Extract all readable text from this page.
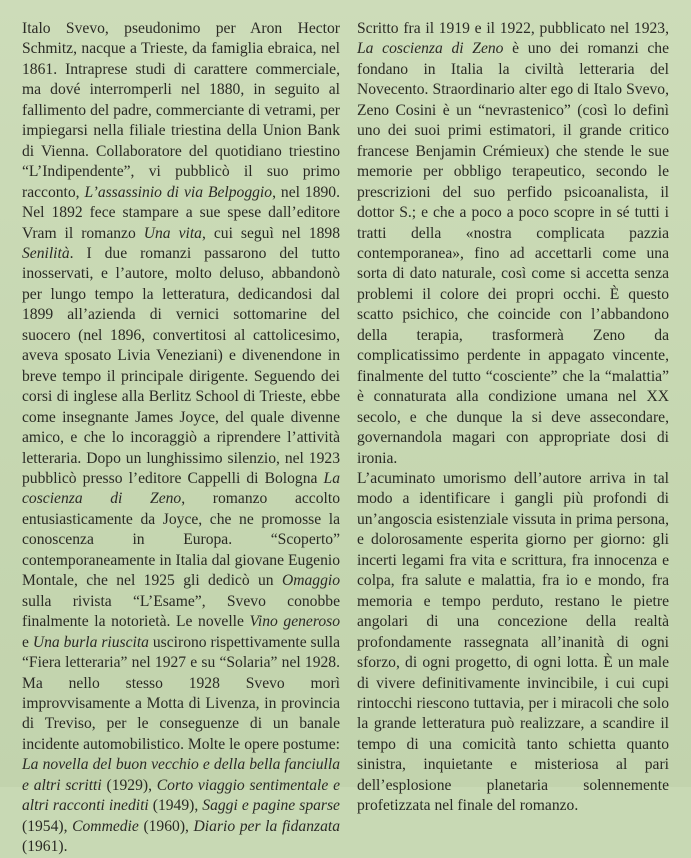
Italo Svevo, pseudonimo per Aron Hector Schmitz, nacque a Trieste, da famiglia ebraica, nel 1861. Intraprese studi di carattere commerciale, ma dové interromperli nel 1880, in seguito al fallimento del padre, commerciante di vetrami, per impiegarsi nella filiale triestina della Union Bank di Vienna. Collaboratore del quotidiano triestino “L’Indipendente”, vi pubblicò il suo primo racconto, L’assassinio di via Belpoggio, nel 1890. Nel 1892 fece stampare a sue spese dall’editore Vram il romanzo Una vita, cui seguì nel 1898 Senilità. I due romanzi passarono del tutto inosservati, e l’autore, molto deluso, abbandonò per lungo tempo la letteratura, dedicandosi dal 1899 all’azienda di vernici sottomarine del suocero (nel 1896, convertitosi al cattolicesimo, aveva sposato Livia Veneziani) e divenendone in breve tempo il principale dirigente. Seguendo dei corsi di inglese alla Berlitz School di Trieste, ebbe come insegnante James Joyce, del quale divenne amico, e che lo incoraggiò a riprendere l’attività letteraria. Dopo un lunghissimo silenzio, nel 1923 pubblicò presso l’editore Cappelli di Bologna La coscienza di Zeno, romanzo accolto entusiasticamente da Joyce, che ne promosse la conoscenza in Europa. “Scoperto” contemporaneamente in Italia dal giovane Eugenio Montale, che nel 1925 gli dedicò un Omaggio sulla rivista “L’Esame”, Svevo conobbe finalmente la notorietà. Le novelle Vino generoso e Una burla riuscita uscirono rispettivamente sulla “Fiera letteraria” nel 1927 e su “Solaria” nel 1928. Ma nello stesso 1928 Svevo morì improvvisamente a Motta di Livenza, in provincia di Treviso, per le conseguenze di un banale incidente automobilistico. Molte le opere postume: La novella del buon vecchio e della bella fanciulla e altri scritti (1929), Corto viaggio sentimentale e altri racconti inediti (1949), Saggi e pagine sparse (1954), Commedie (1960), Diario per la fidanzata (1961).

Scritto fra il 1919 e il 1922, pubblicato nel 1923, La coscienza di Zeno è uno dei romanzi che fondano in Italia la civiltà letteraria del Novecento. Straordinario alter ego di Italo Svevo, Zeno Cosini è un “nevrastenico” (così lo definì uno dei suoi primi estimatori, il grande critico francese Benjamin Crémieux) che stende le sue memorie per obbligo terapeutico, secondo le prescrizioni del suo perfido psicoanalista, il dottor S.; e che a poco a poco scopre in sé tutti i tratti della «nostra complicata pazzia contemporanea», fino ad accettarli come una sorta di dato naturale, così come si accetta senza problemi il colore dei propri occhi. È questo scatto psichico, che coincide con l’abbandono della terapia, trasformerà Zeno da complicatissimo perdente in appagato vincente, finalmente del tutto “cosciente” che la “malattia” è connaturata alla condizione umana nel XX secolo, e che dunque la si deve assecondare, governandola magari con appropriate dosi di ironia.

L’acuminato umorismo dell’autore arriva in tal modo a identificare i gangli più profondi di un’angoscia esistenziale vissuta in prima persona, e dolorosamente esperita giorno per giorno: gli incerti legami fra vita e scrittura, fra innocenza e colpa, fra salute e malattia, fra io e mondo, fra memoria e tempo perduto, restano le pietre angolari di una concezione della realtà profondamente rassegnata all’inanità di ogni sforzo, di ogni progetto, di ogni lotta. È un male di vivere definitivamente invincibile, i cui cupi rintocchi riescono tuttavia, per i miracoli che solo la grande letteratura può realizzare, a scandire il tempo di una comicità tanto schietta quanto sinistra, inquietante e misteriosa al pari dell’esplosione planetaria solennemente profetizzata nel finale del romanzo.
